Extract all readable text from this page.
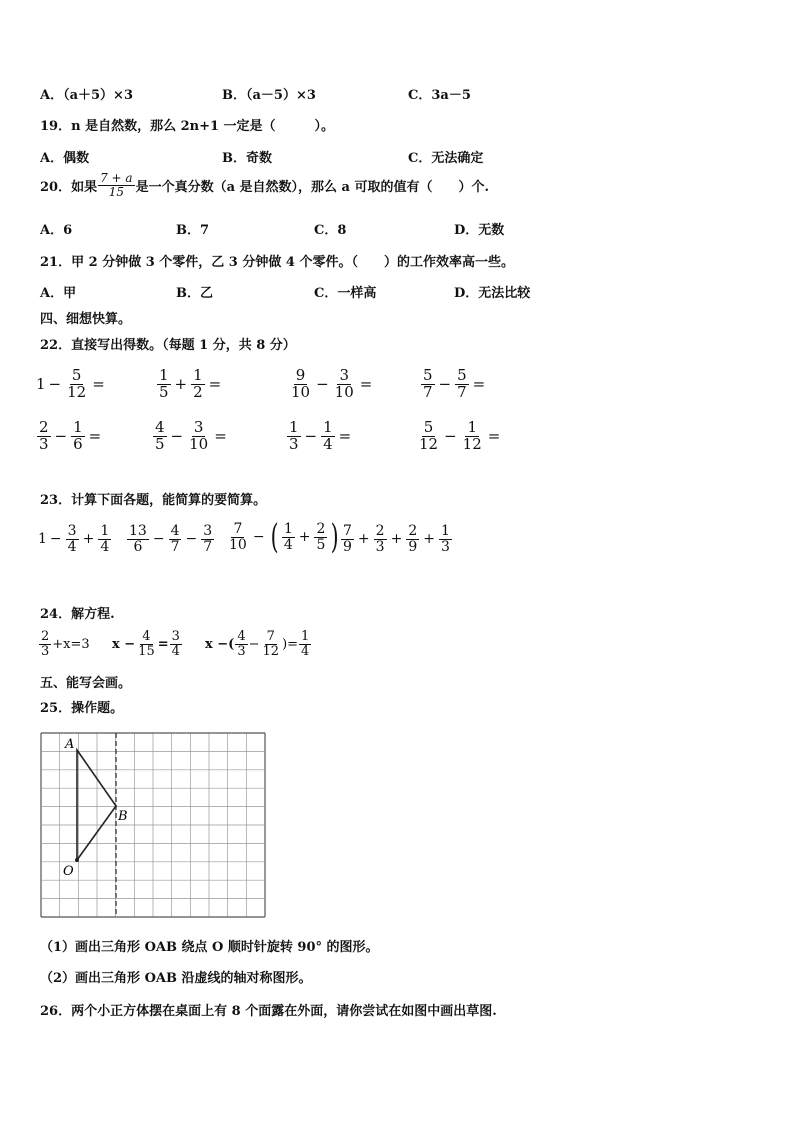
A．（a＋5）×3	B．（a－5）×3	C．3a－5
19．n 是自然数，那么 2n+1 一定是（　　　）。
A．偶数	B．奇数	C．无法确定
20．如果 $\frac{7 + a}{15}$ 是一个真分数（a 是自然数），那么 a 可取的值有（　　）个.
A．6	B．7	C．8	D．无数
21．甲 2 分钟做 3 个零件，乙 3 分钟做 4 个零件。（　　）的工作效率高一些。
A．甲	B．乙	C．一样高	D．无法比较
四、细想快算。
22．直接写出得数。（每题 1 分，共 8 分）
$1 - \frac{5}{12}$ =	$\frac{1}{5} + \frac{1}{2}$ =	$\frac{9}{10} - \frac{3}{10}$ =	$\frac{5}{7} - \frac{5}{7}$ =
$\frac{2}{3} - \frac{1}{6}$ =	$\frac{4}{5} - \frac{3}{10}$ =	$\frac{1}{3} - \frac{1}{4}$ =	$\frac{5}{12} - \frac{1}{12}$ =
23．计算下面各题，能简算的要简算。
$1 - \frac{3}{4} + \frac{1}{4} \frac{13}{6} - \frac{4}{7} - \frac{3}{7} \frac{7}{10}$ − ( $\frac{1}{4} + \frac{2}{5}$ ) $\frac{7}{9} + \frac{2}{3} + \frac{2}{9} + \frac{1}{3}$
24．解方程.
$\frac{2}{3} +x=3$ $x - \frac{4}{15} = \frac{3}{4}$ x −( $\frac{4}{3} - \frac{7}{12}$ )= $\frac{1}{4}$
五、能写会画。
25．操作题。
A
B
O
（1）画出三角形 OAB 绕点 O 顺时针旋转 90° 的图形。
（2）画出三角形 OAB 沿虚线的轴对称图形。
26．两个小正方体摆在桌面上有 8 个面露在外面，请你尝试在如图中画出草图.
